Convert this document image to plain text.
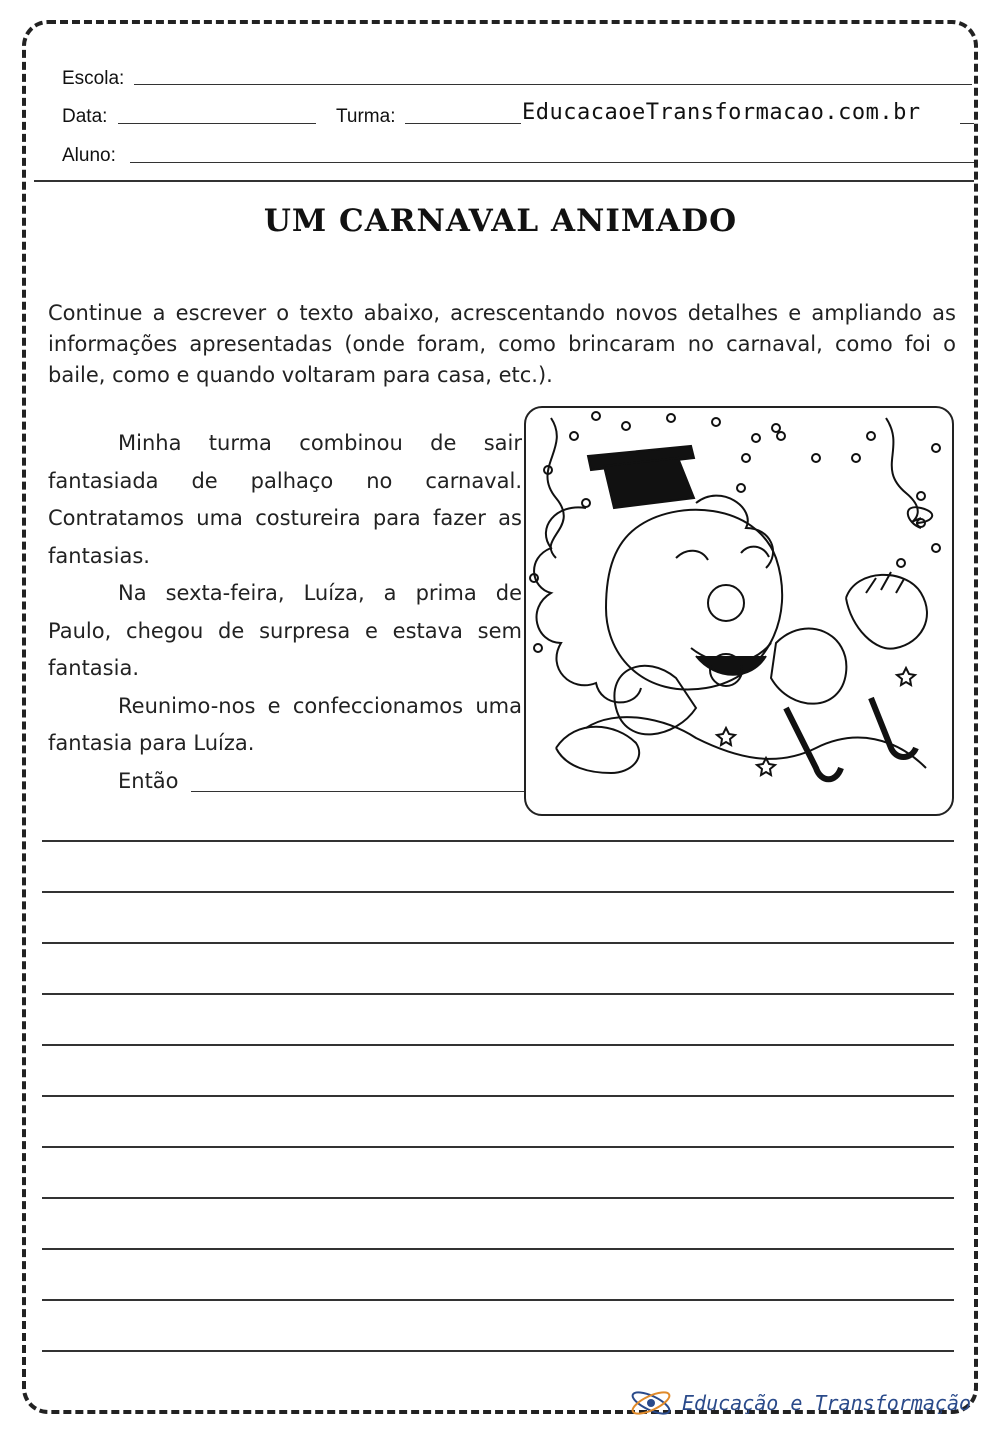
Escola:
Data:	Turma:	EducacaoeTransformacao.com.br
Aluno:
UM CARNAVAL ANIMADO
Continue a escrever o texto abaixo, acrescentando novos detalhes e ampliando as informações apresentadas (onde foram, como brincaram no carnaval, como foi o baile, como e quando voltaram para casa, etc.).

Minha turma combinou de sair fantasiada de palhaço no carnaval. Contratamos uma costureira para fazer as fantasias.

Na sexta-feira, Luíza, a prima de Paulo, chegou de surpresa e estava sem fantasia.

Reunimo-nos e confeccionamos uma fantasia para Luíza.

Então
Educação e Transformação
